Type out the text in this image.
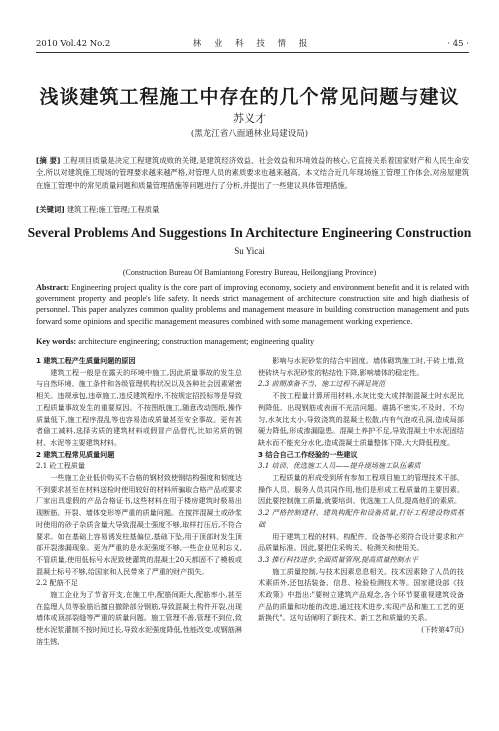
2010 Vol.42 No.2	林 业 科 技 情 报	· 45 ·
浅谈建筑工程施工中存在的几个常见问题与建议
苏义才
(黑龙江省八面通林业局建设局)
[摘 要] 工程项目质量是决定工程建筑成败的关键,是建筑经济效益、社会效益和环境效益的核心,它直接关系着国家财产和人民生命安全,所以对建筑施工现场的管理要求越来越严格,对管理人员的素质要求也越来越高。本文结合近几年现场施工管理工作体会,对房屋建筑在施工管理中的常见质量问题和质量管理措施等问题进行了分析,并提出了一些建议具体管理措施。
[关键词] 建筑工程;施工管理;工程质量
Several Problems And Suggestions In Architecture Engineering Construction
Su Yicai
(Construction Bureau Of Bamiantong Forestry Bureau, Heilongjiang Province)
Abstract: Engineering project quality is the core part of improving economy, society and environment benefit and it is related with government property and people's life safety. It needs strict management of architecture construction site and high diathesis of personnel. This paper analyzes common quality problems and management measure in building construction management and puts forward some opinions and specific management measures combined with some management working experience.
Key words: architecture engineering; construction management; engineering quality

1 建筑工程产生质量问题的原因

建筑工程一般是在露天的环境中施工,因此质量事故的发生总与自然环境、施工条件和各级管理机构状况以及各种社会因素紧密相关。违规承包,违章施工,违反建筑程序,不按规定招投标等是导致工程质量事故发生的重要原因。不按图纸施工,随意改动图纸,操作质量低下,施工程序混乱等也容易造成质量甚至安全事故。更有甚者偷工减料,选择劣质的建筑材料或假冒产品替代,比如劣质的钢材、水泥等主要建筑材料。

2 建筑工程常见质量问题

2.1 砼工程质量

一些施工企业低价购买不合格的钢材致使钢结构强度和韧度达不到要求甚至在材料送检时使用较好的材料所骗取合格产品或要求厂家出具虚假的产品合格证书,这些材料在用于楼房建筑时极易出现断筋、开裂、墙体变形等严重的质量问题。在搅拌混凝土或砂浆时使用的砂子杂质含量大导致混凝土强度不够,取样打压后,不符合要求。如在基础上容易诱发柱基偏位,基础下坠,用于顶部时发生顶部开裂渗漏现象。更为严重的是水泥强度不够,一些企业见利忘义,不管质量,使用低标号水泥致使灌筑的混凝土20天都固不了模板或混凝土标号不够,给国家和人民带来了严重的财产损失。

2.2 配筋不足

施工企业为了节省开支,在施工中,配筋间距大,配筋率小,甚至在监理人员等验筋后擅自撤除部分钢筋,导致混凝土构件开裂,出现墙体或顶部裂缝等严重的质量问题。施工管理不善,管理不到位,致使水泥浆灌制不按时间过长,导致水泥强度降低,性能改变,或钢筋淋溶生锈,

影响与水泥砂浆的结合牢固度。墙体砌筑施工时,干砖上墙,致使砖块与水泥砂浆的粘结性下降,影响墙体的稳定性。

2.3 前期准备不当、施工过程不满足规范

不按工程量计算所用材料,水灰比变大或拌制混凝土时水泥比例降低、出现钢筋或表面不光洁问题。震捣不密实,不及时、不均匀,水灰比太小,导致浇筑的混凝土松散,内有气泡或孔洞,造成局部硬力降低,形成渗漏隐患。混凝土养护不足,导致混凝土中水泥固结缺水而不能充分水化,造成混凝土质量整体下降,大大降低程度。

3 结合自己工作经验的一些建议

3.1 培训、优选施工人员——提升现场施工队伍素质

工程质量的形成受到所有参加工程项目施工的管理技术干部、操作人员、服务人员共同作用,他们是形成工程质量的主要因素。因此要控制施工质量,就要培训、优选施工人员,提高他们的素质。

3.2 严格控制建材、建筑构配件和设备质量,打好工程建设物质基础

用于建筑工程的材料、构配件、设备等必须符合设计要求和产品质量标准。因此,要把住采购关、检测关和使用关。

3.3 推行科技进步,全面质量管理,提高质量控制水平

施工质量控制,与技术因素息息相关。技术因素除了人员的技术素质外,还包括装备、信息、检验检测技术等。国家建设部《技术政策》中指出:"要树立建筑产品观念,各个环节要重视建筑设备产品的质量和功能的改进,通过技术进步,实现产品和施工工艺的更新换代"。这句话阐明了新技术、新工艺和质量的关系。

(下转第47页)
